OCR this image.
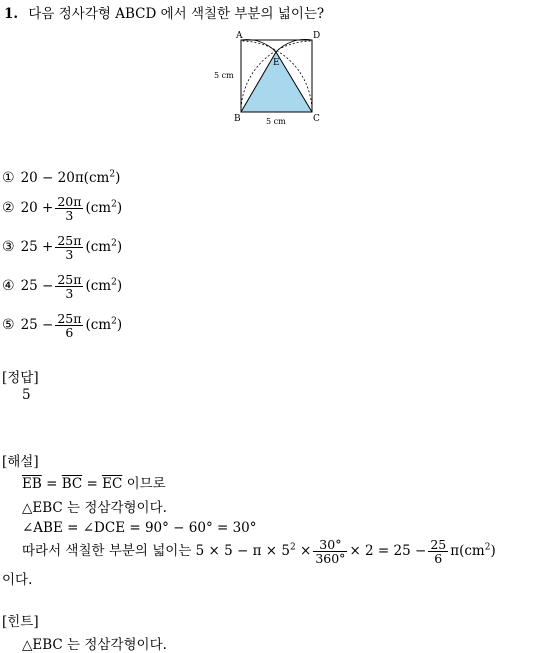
1. 다음 정사각형 ABCD 에서 색칠한 부분의 넓이는?
A	D
B	C
E
5 cm
5 cm
① $20 - 20\pi(cm^2)$
② $20 + \frac{20\pi}{3} (cm^2)$
③ $25 + \frac{25\pi}{3} (cm^2)$
④ $25 - \frac{25\pi}{3} (cm^2)$
⑤ $25 - \frac{25\pi}{6} (cm^2)$
[정답]
5
[해설]
$\overline{EB} = \overline{BC} = \overline{EC}$ 이므로
△EBC 는 정삼각형이다.
∠ABE = ∠DCE = 90° − 60° = 30°
따라서 색칠한 부분의 넓이는 $5 \times 5 - \pi \times 5^2 \times \frac{30^\circ}{360^\circ} \times 2 = 25 - \frac{25}{6} \pi(cm^2)$
이다.
[힌트]
△EBC 는 정삼각형이다.
